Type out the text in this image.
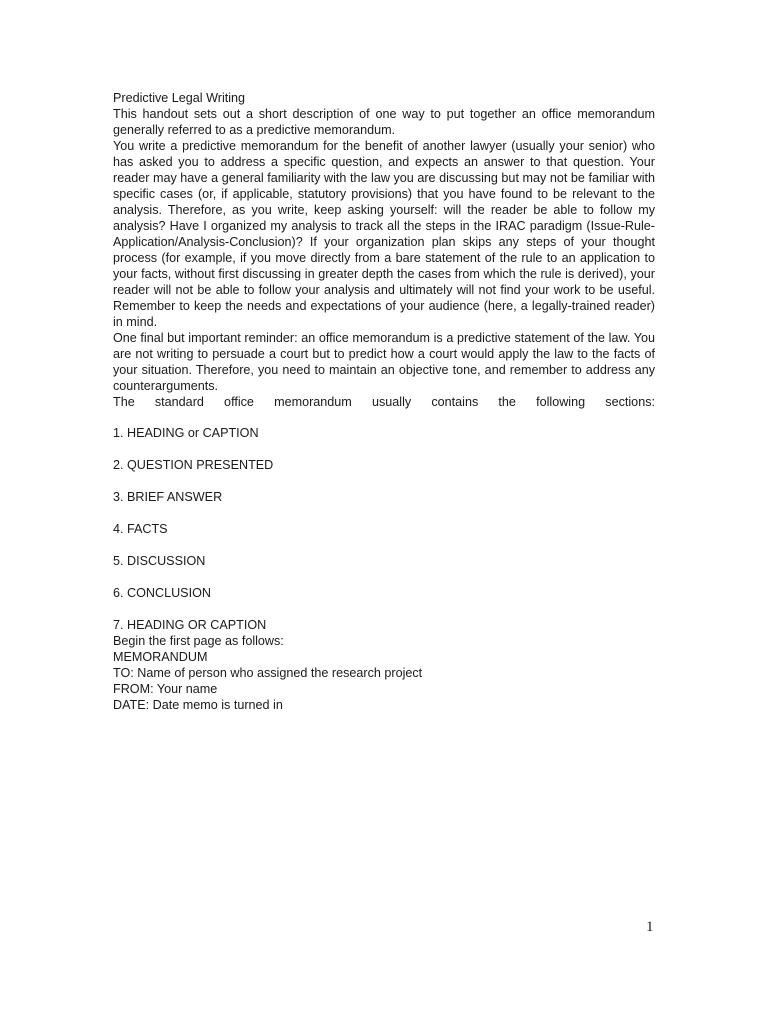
Predictive Legal Writing

This handout sets out a short description of one way to put together an office memorandum generally referred to as a predictive memorandum.

You write a predictive memorandum for the benefit of another lawyer (usually your senior) who has asked you to address a specific question, and expects an answer to that question. Your reader may have a general familiarity with the law you are discussing but may not be familiar with specific cases (or, if applicable, statutory provisions) that you have found to be relevant to the analysis. Therefore, as you write, keep asking yourself: will the reader be able to follow my analysis? Have I organized my analysis to track all the steps in the IRAC paradigm (Issue-Rule-Application/Analysis-Conclusion)? If your organization plan skips any steps of your thought process (for example, if you move directly from a bare statement of the rule to an application to your facts, without first discussing in greater depth the cases from which the rule is derived), your reader will not be able to follow your analysis and ultimately will not find your work to be useful. Remember to keep the needs and expectations of your audience (here, a legally-trained reader) in mind.

One final but important reminder: an office memorandum is a predictive statement of the law. You are not writing to persuade a court but to predict how a court would apply the law to the facts of your situation. Therefore, you need to maintain an objective tone, and remember to address any counterarguments.

The standard office memorandum usually contains the following sections:

1. HEADING or CAPTION
2. QUESTION PRESENTED
3. BRIEF ANSWER
4. FACTS
5. DISCUSSION
6. CONCLUSION
7. HEADING OR CAPTION

Begin the first page as follows:

MEMORANDUM

TO: Name of person who assigned the research project

FROM: Your name

DATE: Date memo is turned in

1
